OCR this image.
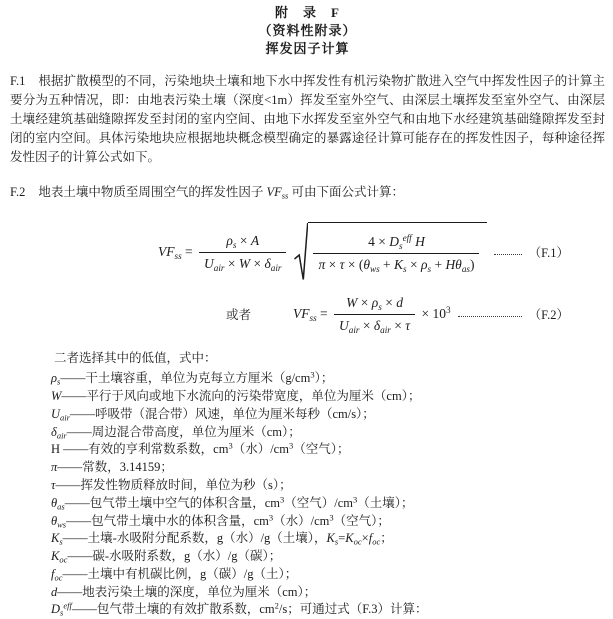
附　录　F
（资料性附录）
挥发因子计算

F.1 根据扩散模型的不同，污染地块土壤和地下水中挥发性有机污染物扩散进入空气中挥发性因子的计算主要分为五种情况，即：由地表污染土壤（深度<1m）挥发至室外空气、由深层土壤挥发至室外空气、由深层土壤经建筑基础缝隙挥发至封闭的室内空间、由地下水挥发至室外空气和由地下水经建筑基础缝隙挥发至封闭的室内空间。具体污染地块应根据地块概念模型确定的暴露途径计算可能存在的挥发性因子，每种途径挥发性因子的计算公式如下。

F.2 地表土壤中物质至周围空气的挥发性因子 $VF_{ss}$ 可由下面公式计算：

$VF_{ss} = \frac{\rho_s \times A}{U_{air} \times W \times \delta_{air}} \frac{4 \times D_s^{eff} H}{\pi \times \tau \times (\theta_{ws} + K_s \times \rho_s + H\theta_{as})}$	（F.1）
或者	$VF_{ss} = \frac{W \times \rho_s \times d}{U_{air} \times \delta_{air} \times \tau} \times 10^3$	（F.2）

二者选择其中的低值，式中：

$\rho_s——$干土壤容重，单位为克每立方厘米$(g/cm^3)$；
W——平行于风向或地下水流向的污染带宽度，单位为厘米（cm）；
$U_{air}——$呼吸带（混合带）风速，单位为厘米每秒（cm/s）；
$\delta_{air}——$周边混合带高度，单位为厘米（cm）；
H ——有效的亨利常数系数，$cm^3$（水）$/cm^3$（空气）；
π——常数，3.14159；
τ——挥发性物质释放时间，单位为秒（s）；
$\theta_{as}——$包气带土壤中空气的体积含量，$cm^3$（空气）$/cm^3$（土壤）；
$\theta_{ws}——$包气带土壤中水的体积含量，$cm^3$（水）$/cm^3$（空气）；
$K_s——$土壤-水吸附分配系数，g（水）/g（土壤），$K_s=K_{oc}\times f_{oc}$；
$K_{oc}——$碳-水吸附系数，g（水）/g（碳）；
$f_{oc}——$土壤中有机碳比例，g（碳）/g（土）；
d——地表污染土壤的深度，单位为厘米（cm）；
$D_s^{eff}——$包气带土壤的有效扩散系数，$cm^2/s$；可通过式（F.3）计算：
